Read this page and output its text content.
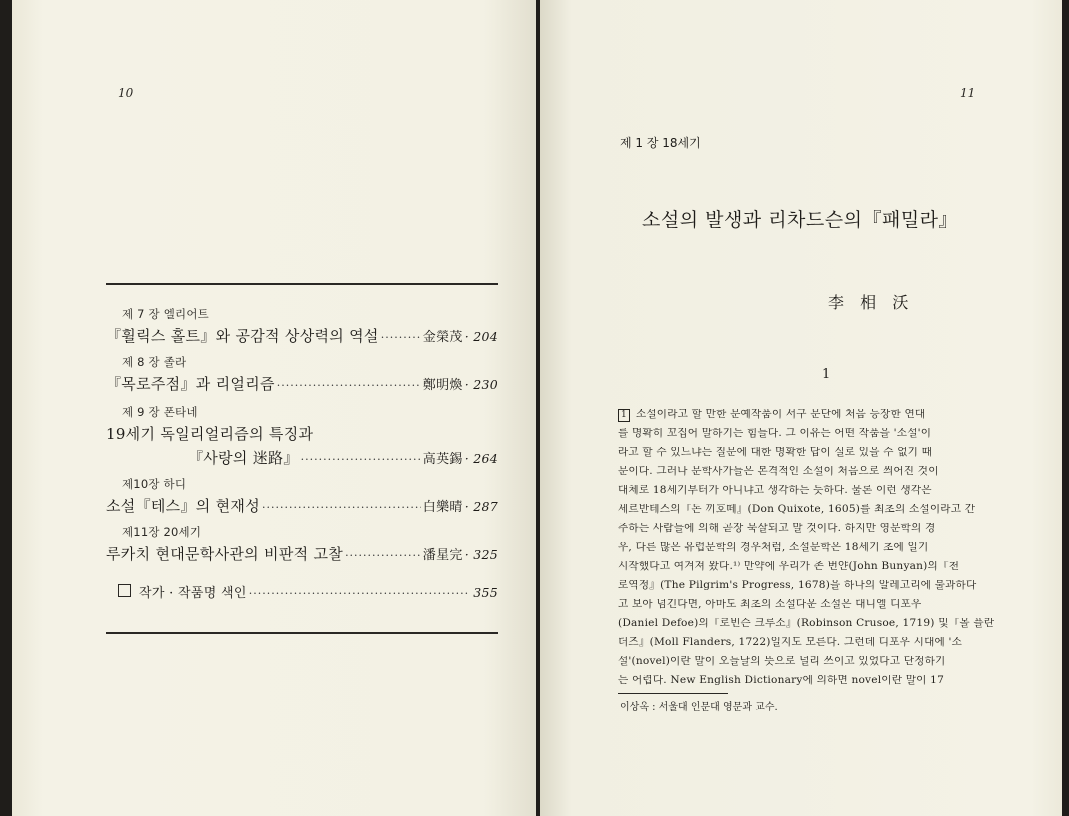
10
제 7 장 엘리어트
『휠릭스 홀트』와 공감적 상상력의 역설 ·····	金榮茂 · 204
제 8 장 졸라
『목로주점』과 리얼리즘 ·····	鄭明煥 · 230
제 9 장 폰타네
19세기 독일리얼리즘의 특징과
『사랑의 迷路』 ·····	高英錫 · 264
제10장 하디
소설『테스』의 현재성 ·····	白樂晴 · 287
제11장 20세기
루카치 현대문학사관의 비판적 고찰 ·····	潘星完 · 325
작가 · 작품명 색인 ·····	355
11
제 1 장 18세기
소설의 발생과 리차드슨의『패밀라』
李  相  沃
1
1 소설이라고 할 만한 문예작품이 서구 문단에 처음 등장한 연대
를 명확히 꼬집어 말하기는 힘들다. 그 이유는 어떤 작품을 '소설'이
라고 할 수 있느냐는 질문에 대한 명확한 답이 실로 있을 수 없기 때
문이다. 그러나 문학사가들은 본격적인 소설이 처음으로 씌어진 것이
대체로 18세기부터가 아니냐고 생각하는 듯하다. 물론 이런 생각은
세르반테스의『돈 끼호떼』(Don Quixote, 1605)를 최초의 소설이라고 간
주하는 사람들에 의해 곧장 묵살되고 말 것이다. 하지만 영문학의 경
우, 다른 많은 유럽문학의 경우처럼, 소설문학은 18세기 초에 일기
시작했다고 여겨져 왔다.¹⁾ 만약에 우리가 존 번얀(John Bunyan)의『천
로역정』(The Pilgrim's Progress, 1678)을 하나의 알레고리에 불과하다
고 보아 넘긴다면, 아마도 최초의 소설다운 소설은 대니엘 디포우
(Daniel Defoe)의『로빈슨 크루소』(Robinson Crusoe, 1719) 및『몰 플란
더즈』(Moll Flanders, 1722)일지도 모른다. 그런데 디포우 시대에 '소
설'(novel)이란 말이 오늘날의 뜻으로 널리 쓰이고 있었다고 단정하기
는 어렵다. New English Dictionary에 의하면 novel이란 말이 17
이상옥 : 서울대 인문대 영문과 교수.
